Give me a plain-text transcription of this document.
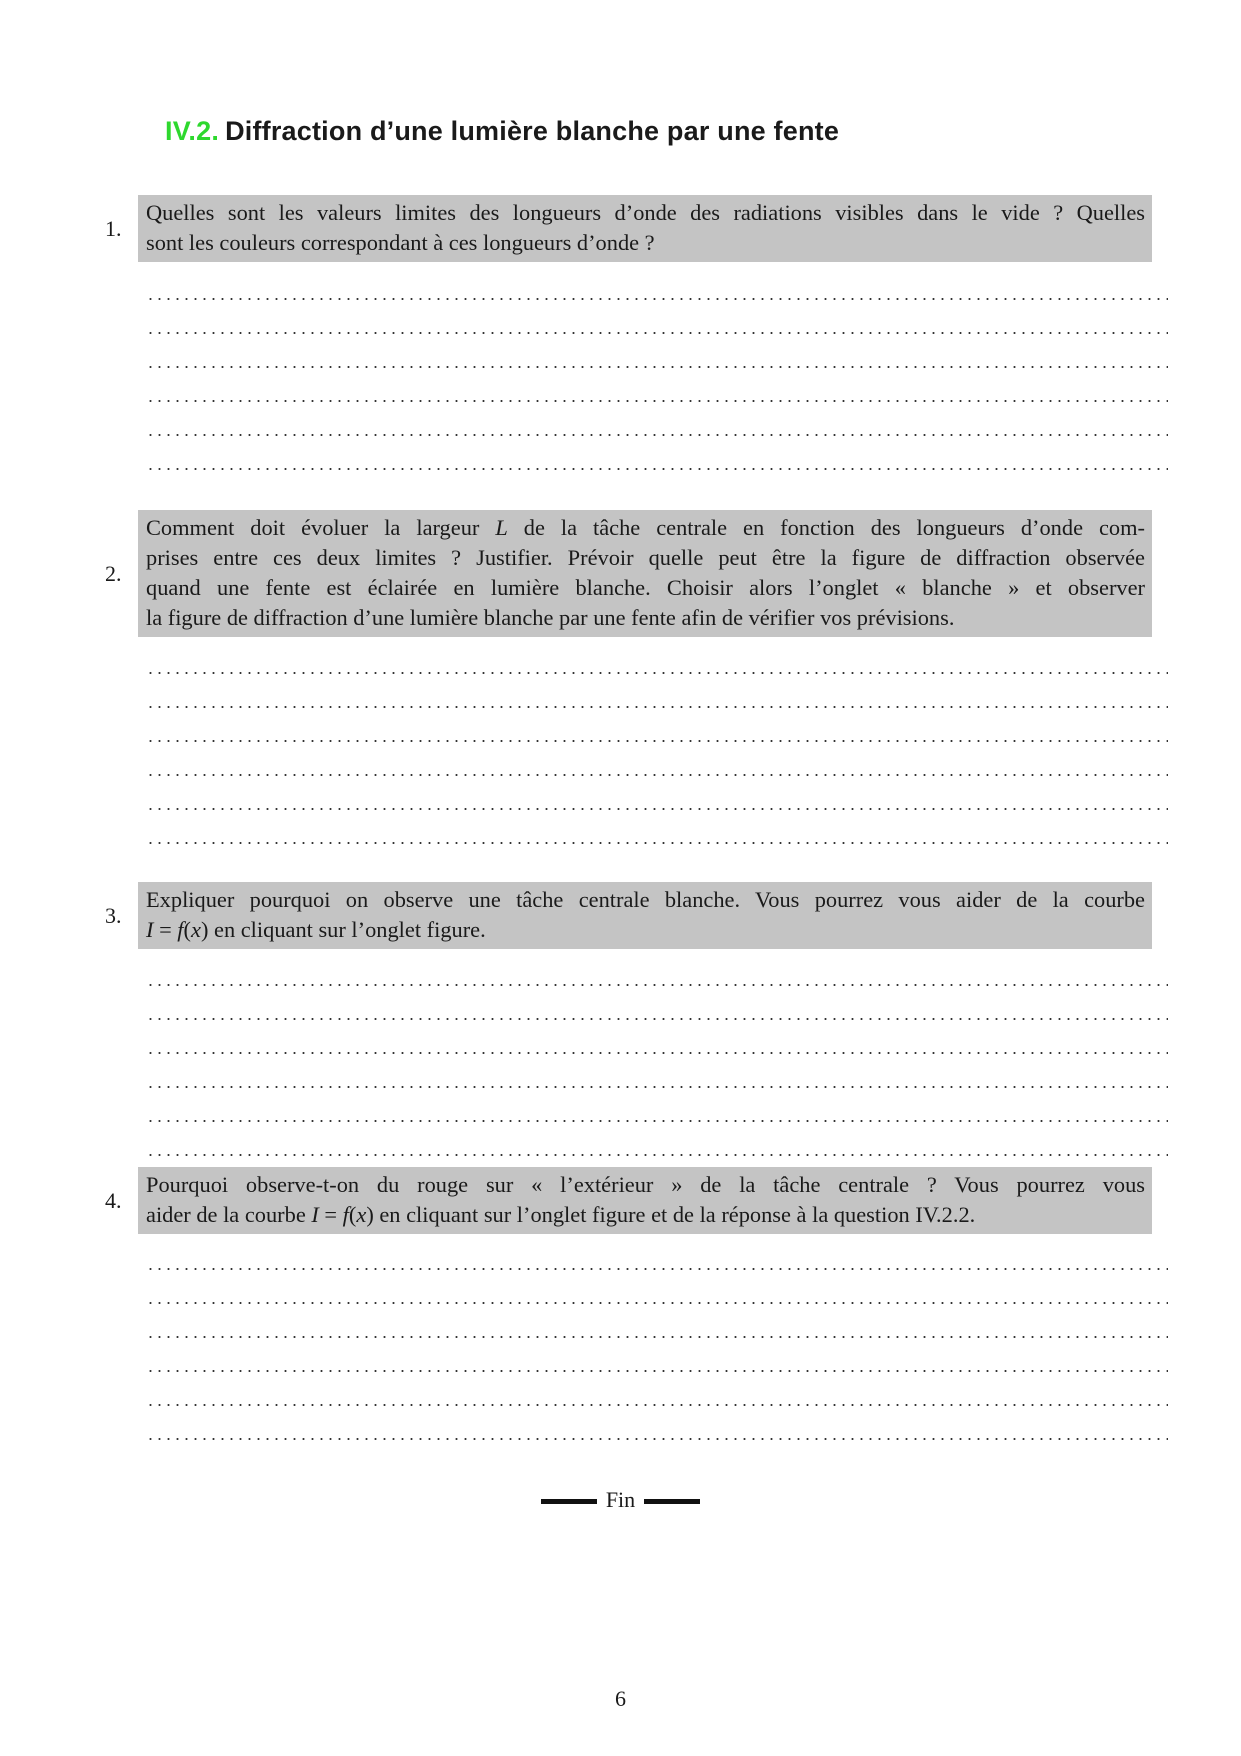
IV.2. Diffraction d’une lumière blanche par une fente
1.
Quelles sont les valeurs limites des longueurs d’onde des radiations visibles dans le vide ? Quelles
sont les couleurs correspondant à ces longueurs d’onde ?
2.
Comment doit évoluer la largeur L de la tâche centrale en fonction des longueurs d’onde com-
prises entre ces deux limites ? Justifier. Prévoir quelle peut être la figure de diffraction observée
quand une fente est éclairée en lumière blanche. Choisir alors l’onglet « blanche » et observer
la figure de diffraction d’une lumière blanche par une fente afin de vérifier vos prévisions.
3.
Expliquer pourquoi on observe une tâche centrale blanche. Vous pourrez vous aider de la courbe
I = f(x) en cliquant sur l’onglet figure.
4.
Pourquoi observe-t-on du rouge sur « l’extérieur » de la tâche centrale ? Vous pourrez vous
aider de la courbe I = f(x) en cliquant sur l’onglet figure et de la réponse à la question IV.2.2.
Fin
6
